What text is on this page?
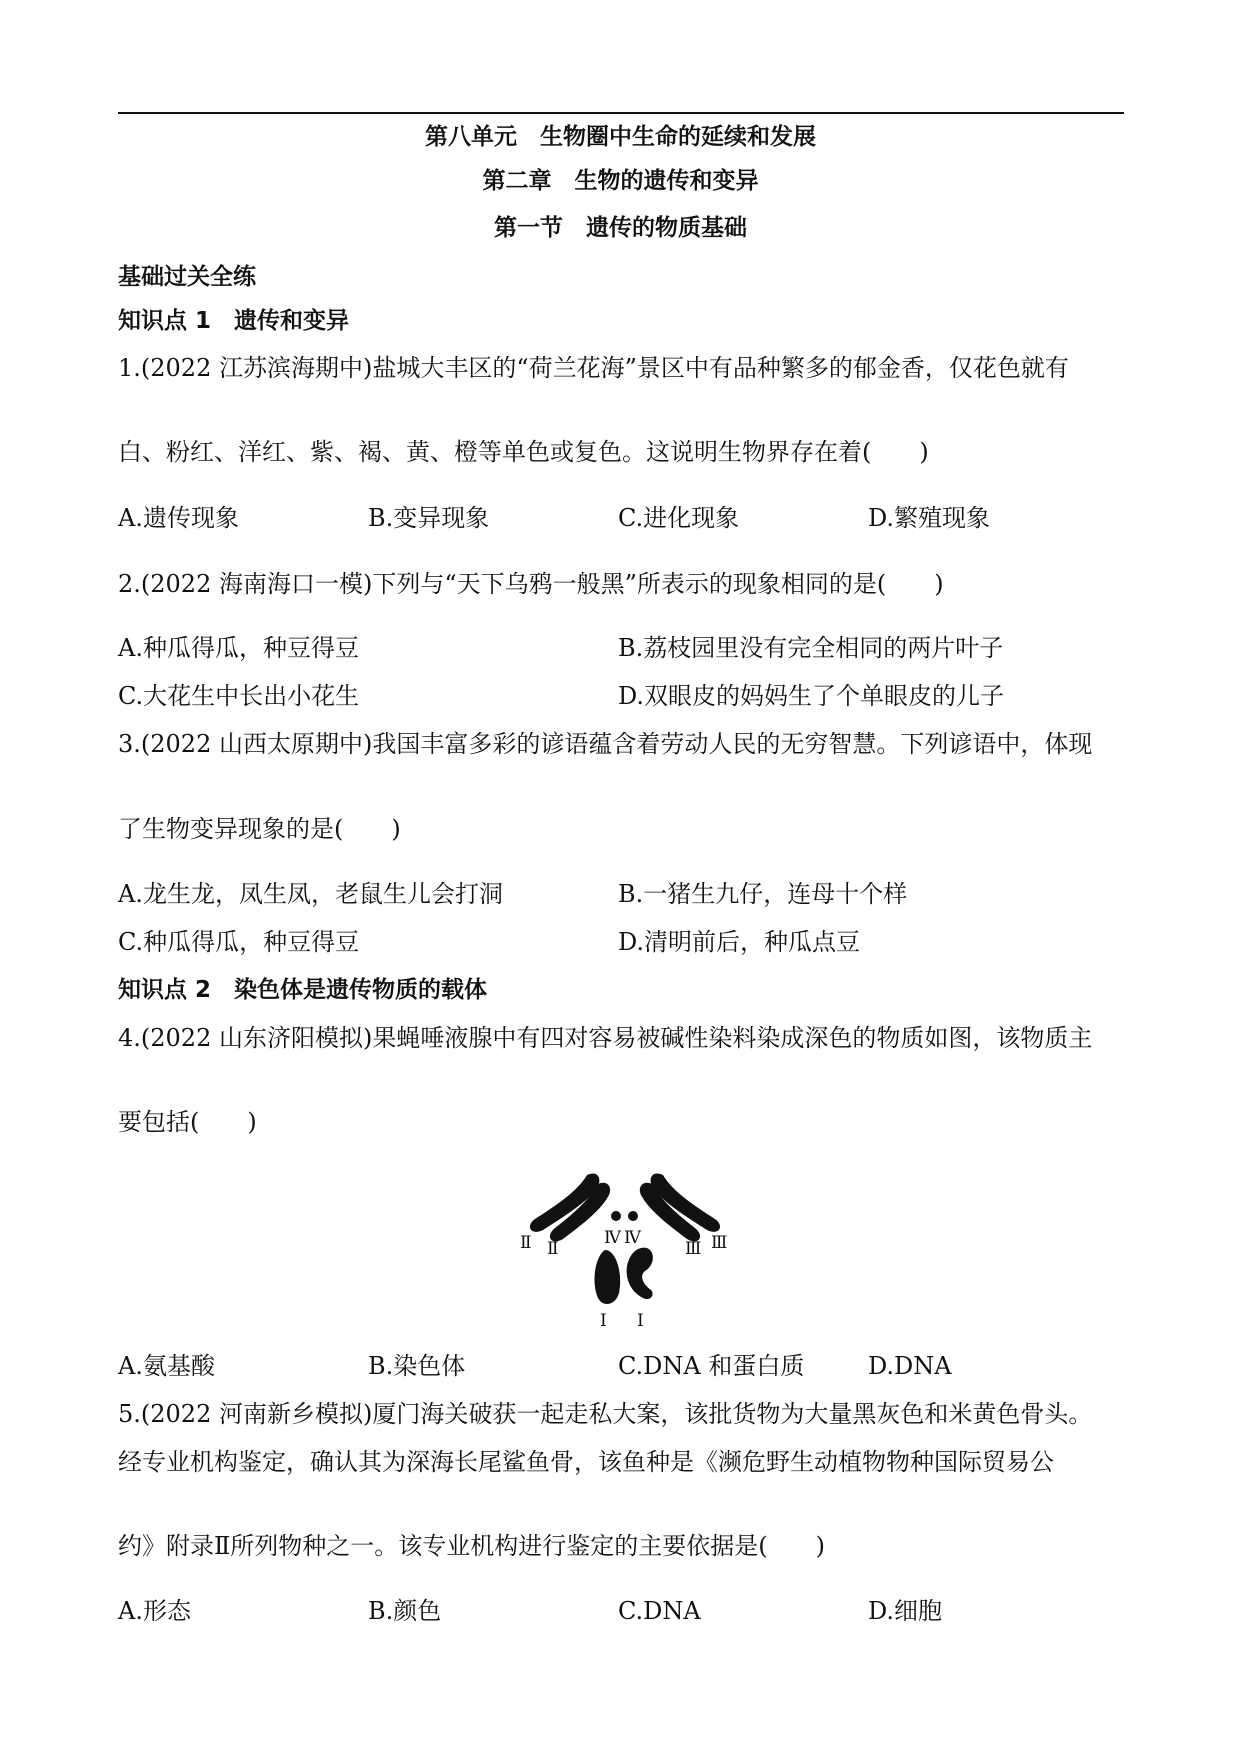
第八单元　生物圈中生命的延续和发展
第二章　生物的遗传和变异
第一节　遗传的物质基础
基础过关全练
知识点 1　遗传和变异
1.(2022 江苏滨海期中)盐城大丰区的“荷兰花海”景区中有品种繁多的郁金香，仅花色就有
白、粉红、洋红、紫、褐、黄、橙等单色或复色。这说明生物界存在着(　　)
A.遗传现象	B.变异现象	C.进化现象	D.繁殖现象
2.(2022 海南海口一模)下列与“天下乌鸦一般黑”所表示的现象相同的是(　　)
A.种瓜得瓜，种豆得豆	B.荔枝园里没有完全相同的两片叶子
C.大花生中长出小花生	D.双眼皮的妈妈生了个单眼皮的儿子
3.(2022 山西太原期中)我国丰富多彩的谚语蕴含着劳动人民的无穷智慧。下列谚语中，体现
了生物变异现象的是(　　)
A.龙生龙，凤生凤，老鼠生儿会打洞	B.一猪生九仔，连母十个样
C.种瓜得瓜，种豆得豆	D.清明前后，种瓜点豆
知识点 2　染色体是遗传物质的载体
4.(2022 山东济阳模拟)果蝇唾液腺中有四对容易被碱性染料染成深色的物质如图，该物质主
要包括(　　)
Ⅱ
Ⅱ	Ⅳ Ⅳ
Ⅲ Ⅲ
Ⅰ Ⅰ
A.氨基酸	B.染色体	C.DNA 和蛋白质	D.DNA
5.(2022 河南新乡模拟)厦门海关破获一起走私大案，该批货物为大量黑灰色和米黄色骨头。
经专业机构鉴定，确认其为深海长尾鲨鱼骨，该鱼种是《濒危野生动植物物种国际贸易公
约》附录Ⅱ所列物种之一。该专业机构进行鉴定的主要依据是(　　)
A.形态	B.颜色	C.DNA	D.细胞
